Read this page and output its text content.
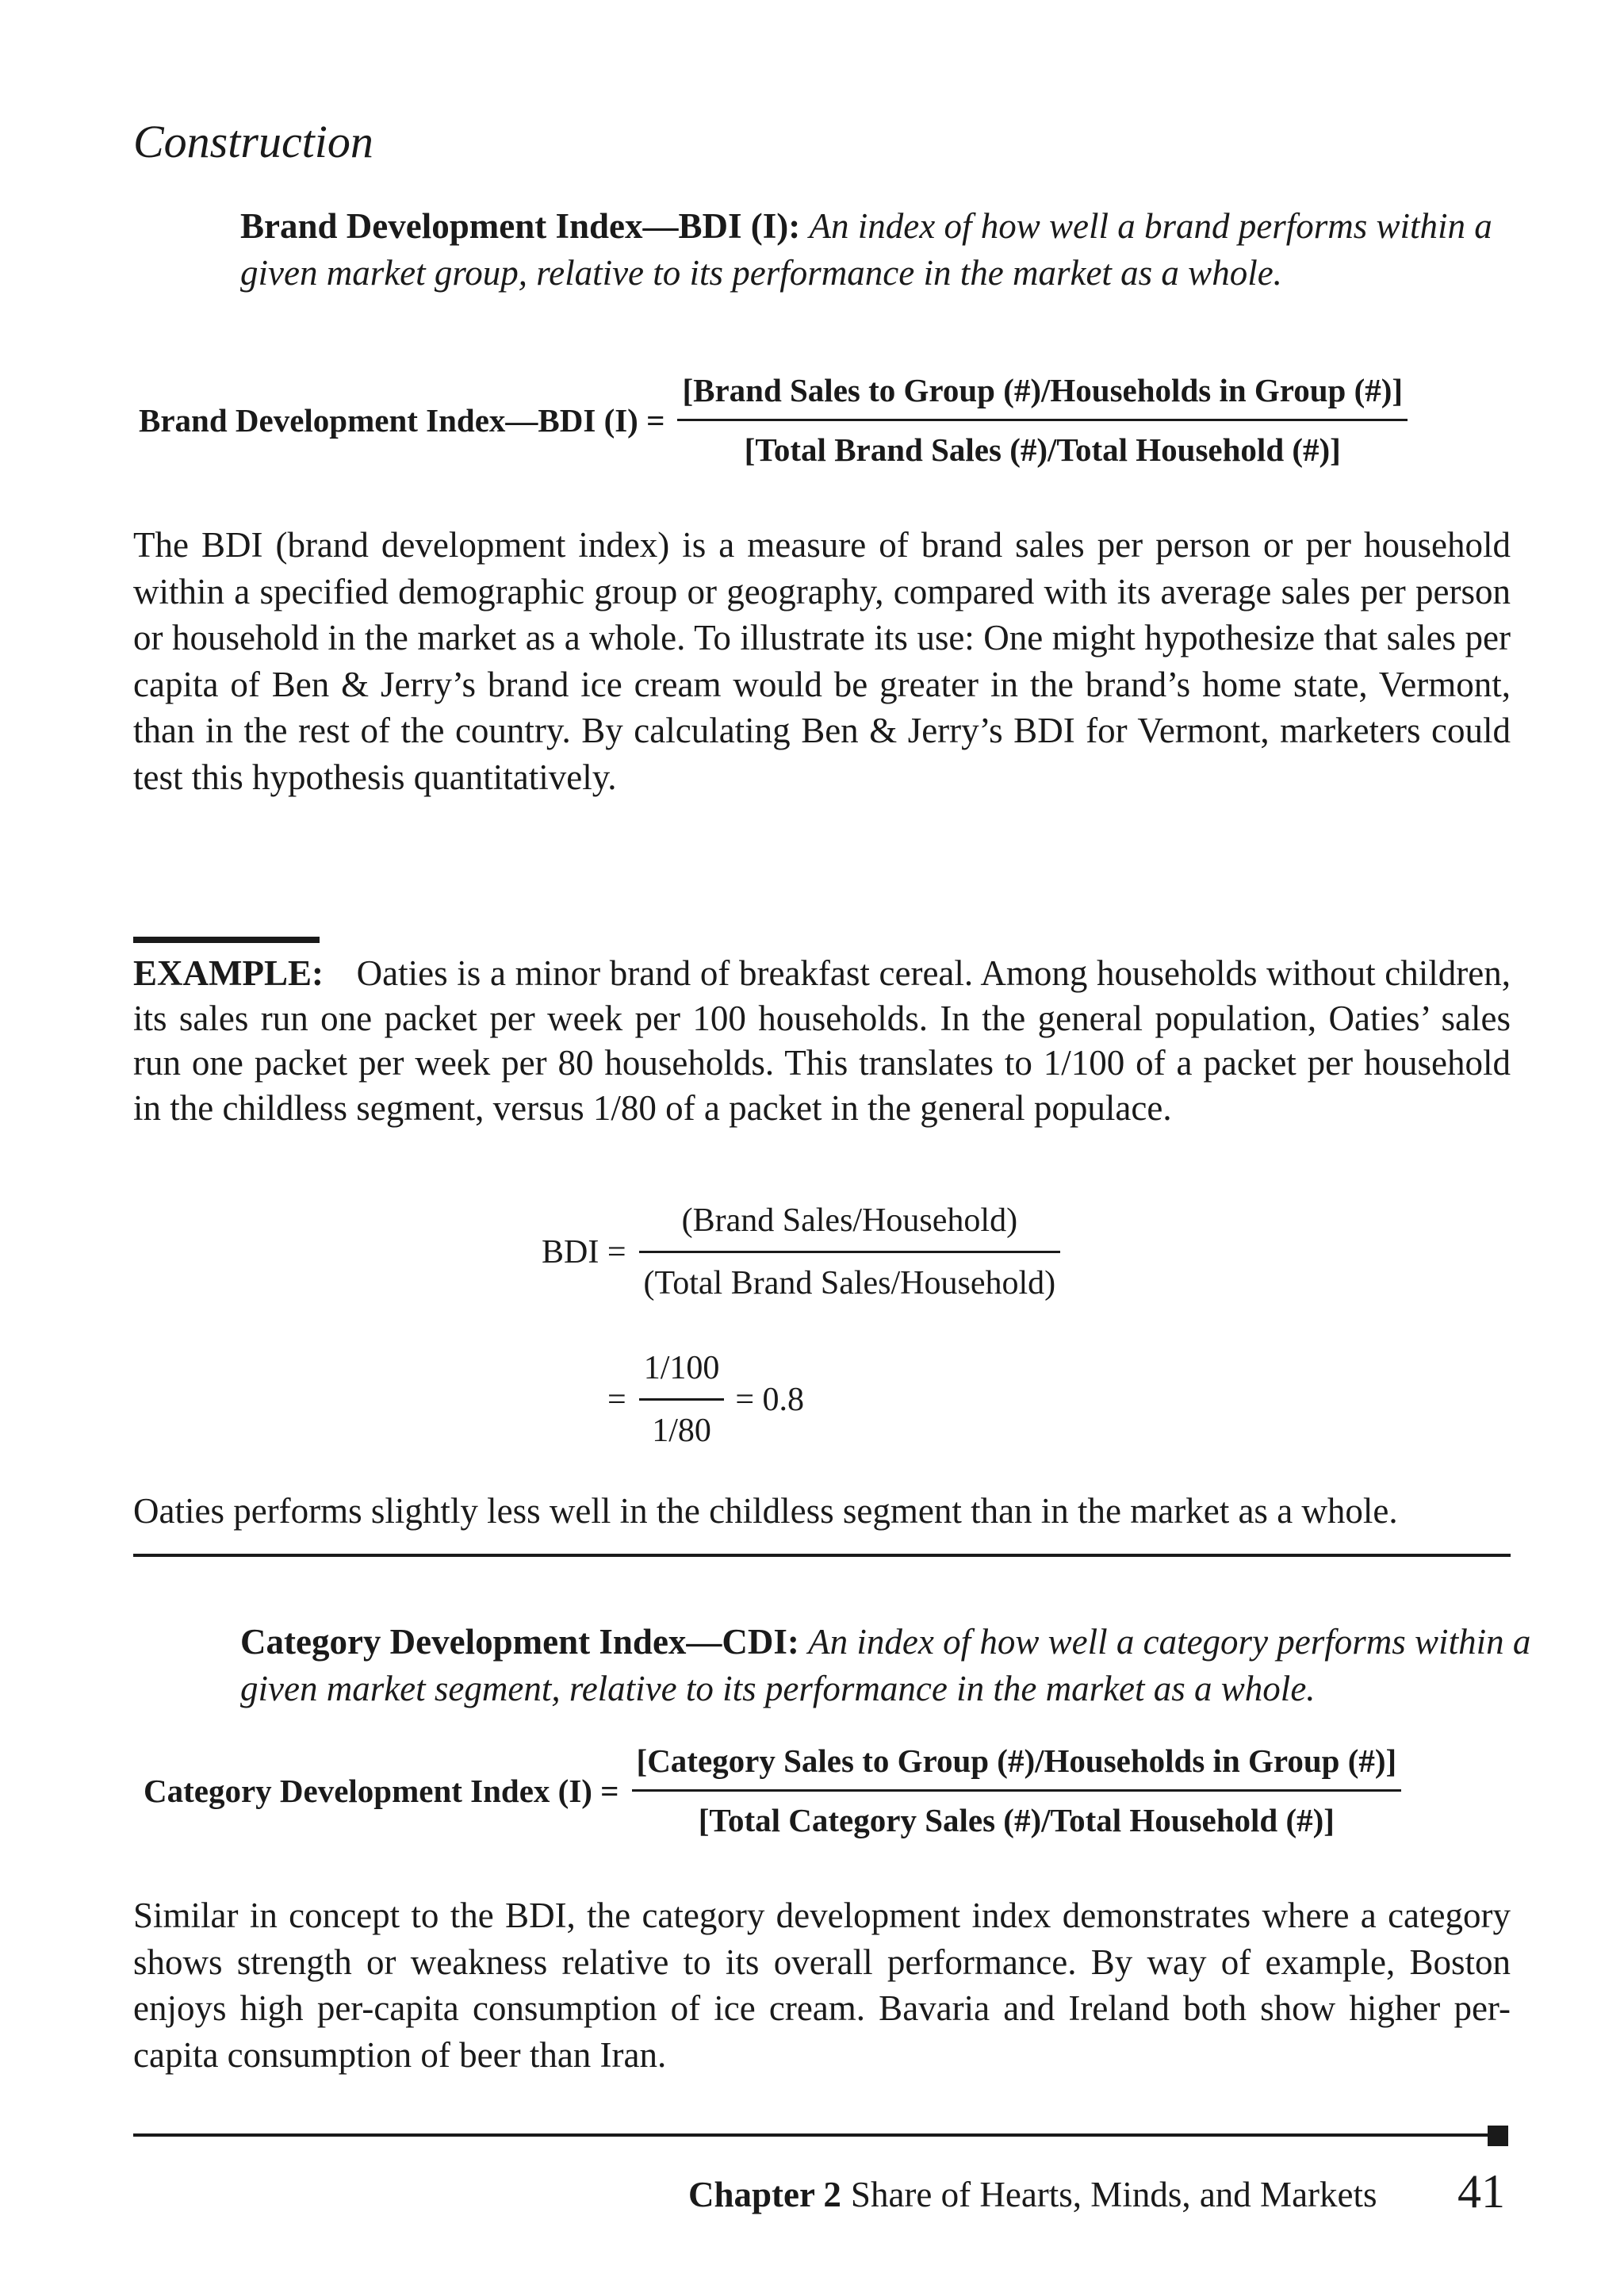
Construction
Brand Development Index—BDI (I): An index of how well a brand performs within a given market group, relative to its performance in the market as a whole.
Brand Development Index—BDI $(I) = \frac{\text{[Brand Sales to Group (\#)/Households in Group (\#)]}}{\text{[Total Brand Sales (\#)/Total Household (\#)]}}$
The BDI (brand development index) is a measure of brand sales per person or per household within a specified demographic group or geography, compared with its average sales per person or household in the market as a whole. To illustrate its use: One might hypothesize that sales per capita of Ben & Jerry’s brand ice cream would be greater in the brand’s home state, Vermont, than in the rest of the country. By calculating Ben & Jerry’s BDI for Vermont, marketers could test this hypothesis quantitatively.
EXAMPLE: Oaties is a minor brand of breakfast cereal. Among households without children, its sales run one packet per week per 100 households. In the general population, Oaties’ sales run one packet per week per 80 households. This translates to 1/100 of a packet per household in the childless segment, versus 1/80 of a packet in the general populace.
BDI = $\frac{\text{(Brand Sales/Household)}}{\text{(Total Brand Sales/Household)}}$
= $\frac{1/100}{1/80} = 0.8$
Oaties performs slightly less well in the childless segment than in the market as a whole.
Category Development Index—CDI: An index of how well a category performs within a given market segment, relative to its performance in the market as a whole.
Category Development Index $(I) = \frac{\text{[Category Sales to Group (\#)/Households in Group (\#)]}}{\text{[Total Category Sales (\#)/Total Household (\#)]}}$
Similar in concept to the BDI, the category development index demonstrates where a category shows strength or weakness relative to its overall performance. By way of example, Boston enjoys high per-capita consumption of ice cream. Bavaria and Ireland both show higher per-capita consumption of beer than Iran.
Chapter 2 Share of Hearts, Minds, and Markets 41
